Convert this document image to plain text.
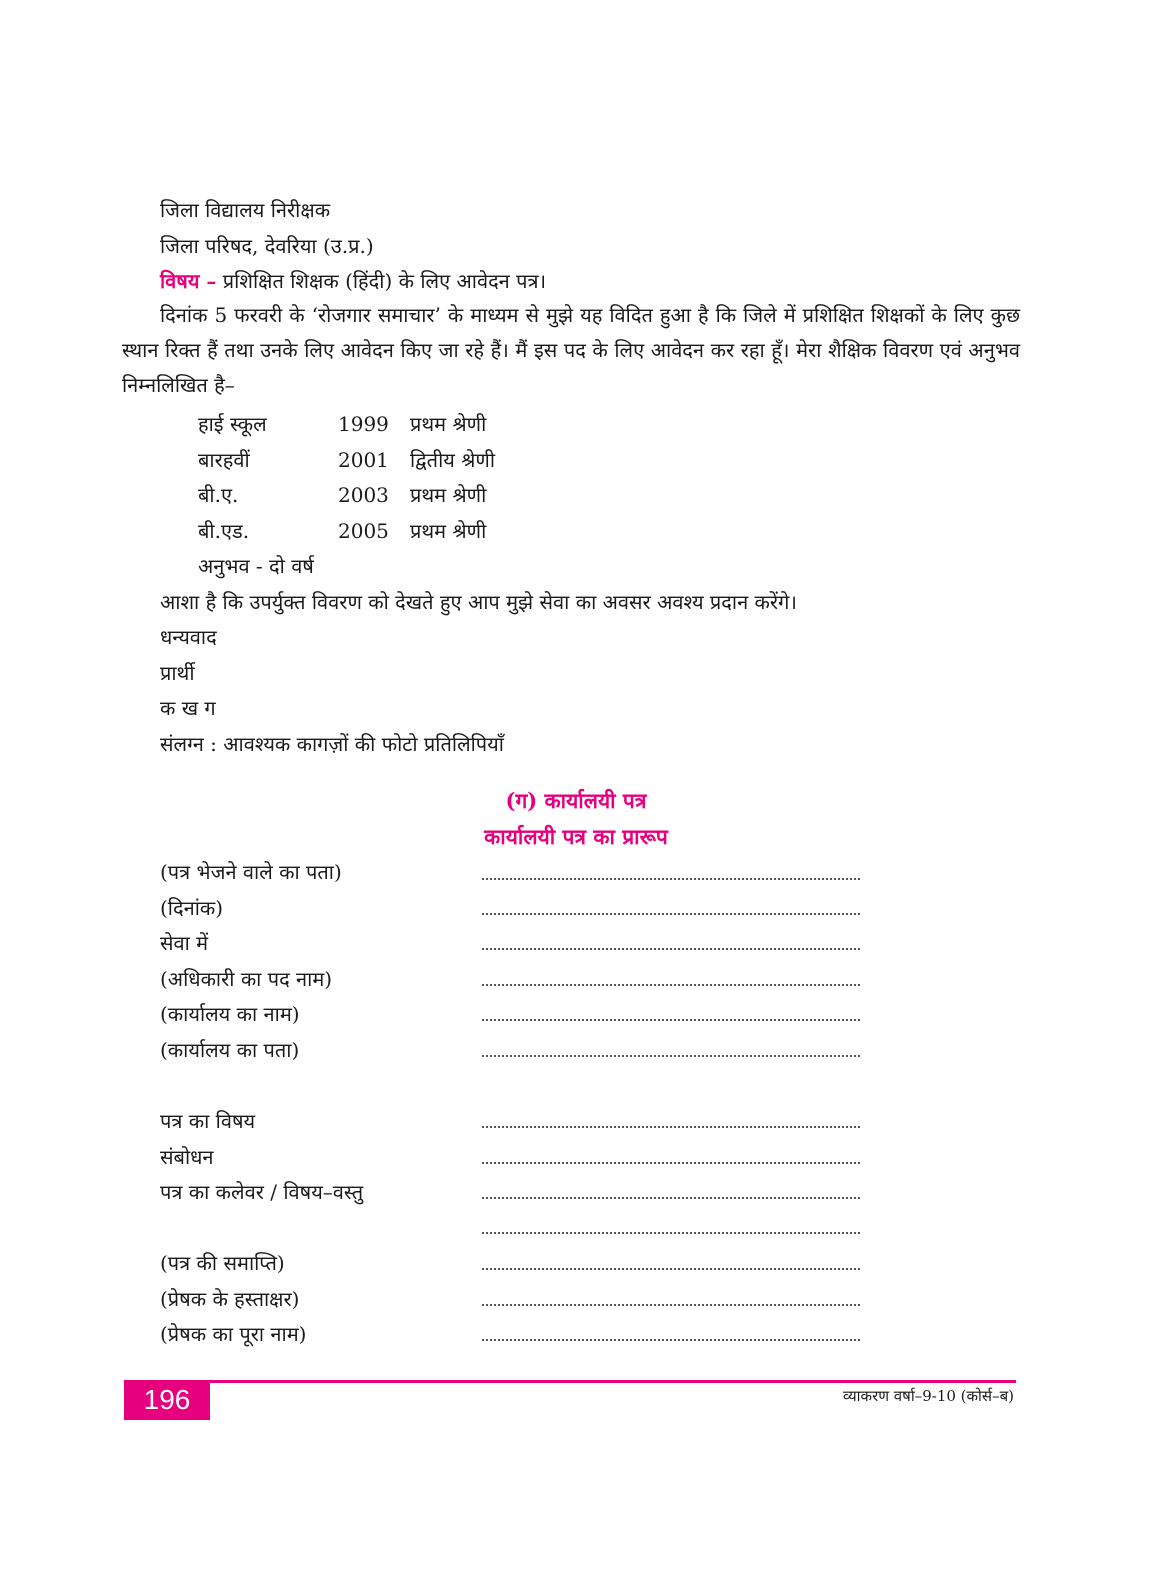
जिला विद्यालय निरीक्षक
जिला परिषद, देवरिया (उ.प्र.)
विषय – प्रशिक्षित शिक्षक (हिंदी) के लिए आवेदन पत्र।
दिनांक 5 फरवरी के ‘रोजगार समाचार’ के माध्यम से मुझे यह विदित हुआ है कि जिले में प्रशिक्षित शिक्षकों के लिए कुछ स्थान रिक्त हैं तथा उनके लिए आवेदन किए जा रहे हैं। मैं इस पद के लिए आवेदन कर रहा हूँ। मेरा शैक्षिक विवरण एवं अनुभव निम्नलिखित है–
हाई स्कूल	1999 प्रथम श्रेणी
बारहवीं	2001 द्वितीय श्रेणी
बी.ए.	2003 प्रथम श्रेणी
बी.एड.	2005 प्रथम श्रेणी
अनुभव - दो वर्ष
आशा है कि उपर्युक्त विवरण को देखते हुए आप मुझे सेवा का अवसर अवश्य प्रदान करेंगे।
धन्यवाद
प्रार्थी
क ख ग
संलग्न : आवश्यक कागज़ों की फोटो प्रतिलिपियाँ
(ग) कार्यालयी पत्र
कार्यालयी पत्र का प्रारूप
(पत्र भेजने वाले का पता)
(दिनांक)
सेवा में
(अधिकारी का पद नाम)
(कार्यालय का नाम)
(कार्यालय का पता)
पत्र का विषय
संबोधन
पत्र का कलेवर / विषय–वस्तु
(पत्र की समाप्ति)
(प्रेषक के हस्ताक्षर)
(प्रेषक का पूरा नाम)
196	व्याकरण वर्षा–9-10 (कोर्स–ब)
